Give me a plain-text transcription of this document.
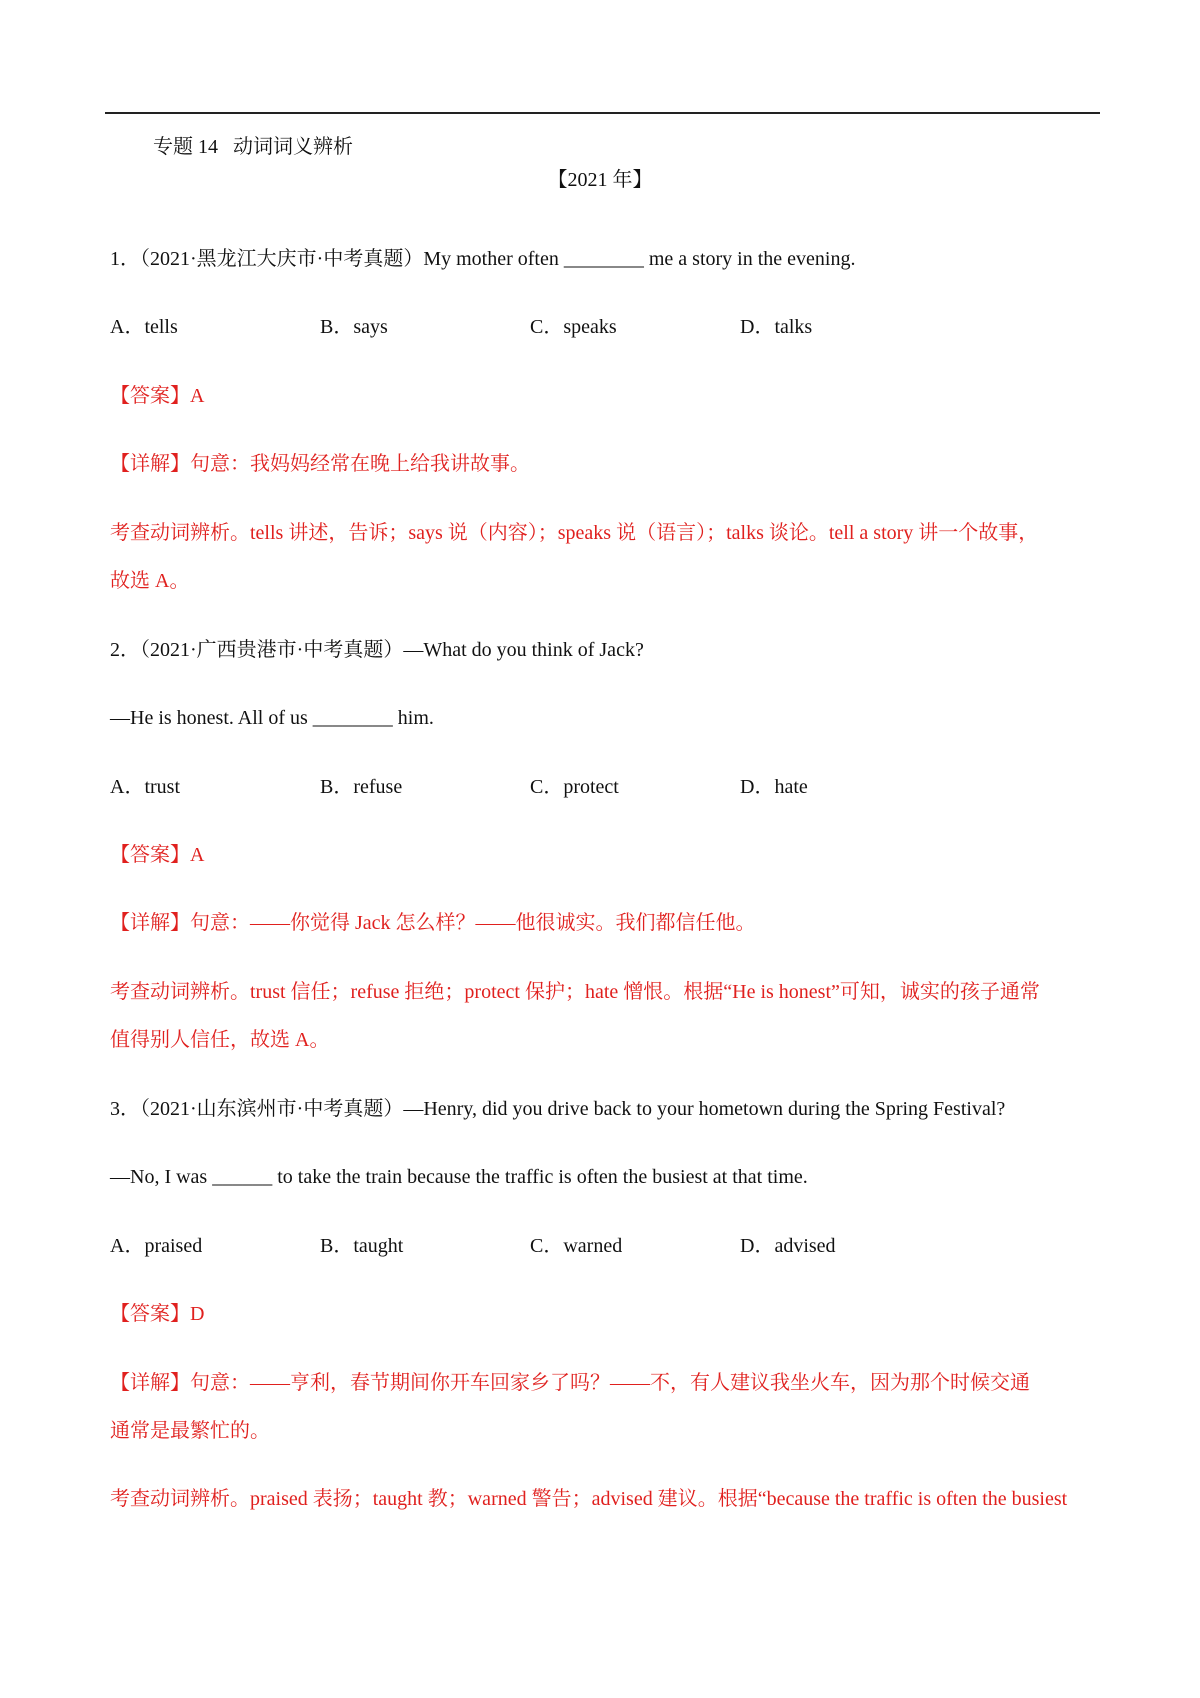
专题 14   动词词义辨析
【2021 年】
1．（2021·黑龙江大庆市·中考真题）My mother often ________ me a story in the evening.
A．tells	B．says	C．speaks	D．talks
【答案】A
【详解】句意：我妈妈经常在晚上给我讲故事。
考查动词辨析。tells 讲述，告诉；says 说（内容）；speaks 说（语言）；talks 谈论。tell a story 讲一个故事，
故选 A。
2．（2021·广西贵港市·中考真题）—What do you think of Jack?
—He is honest. All of us ________ him.
A．trust	B．refuse	C．protect	D．hate
【答案】A
【详解】句意：——你觉得 Jack 怎么样？——他很诚实。我们都信任他。
考查动词辨析。trust 信任；refuse 拒绝；protect 保护；hate 憎恨。根据“He is honest”可知，诚实的孩子通常
值得别人信任，故选 A。
3．（2021·山东滨州市·中考真题）—Henry, did you drive back to your hometown during the Spring Festival?
—No, I was ______ to take the train because the traffic is often the busiest at that time.
A．praised	B．taught	C．warned	D．advised
【答案】D
【详解】句意：——亨利，春节期间你开车回家乡了吗？——不，有人建议我坐火车，因为那个时候交通
通常是最繁忙的。
考查动词辨析。praised 表扬；taught 教；warned 警告；advised 建议。根据“because the traffic is often the busiest
